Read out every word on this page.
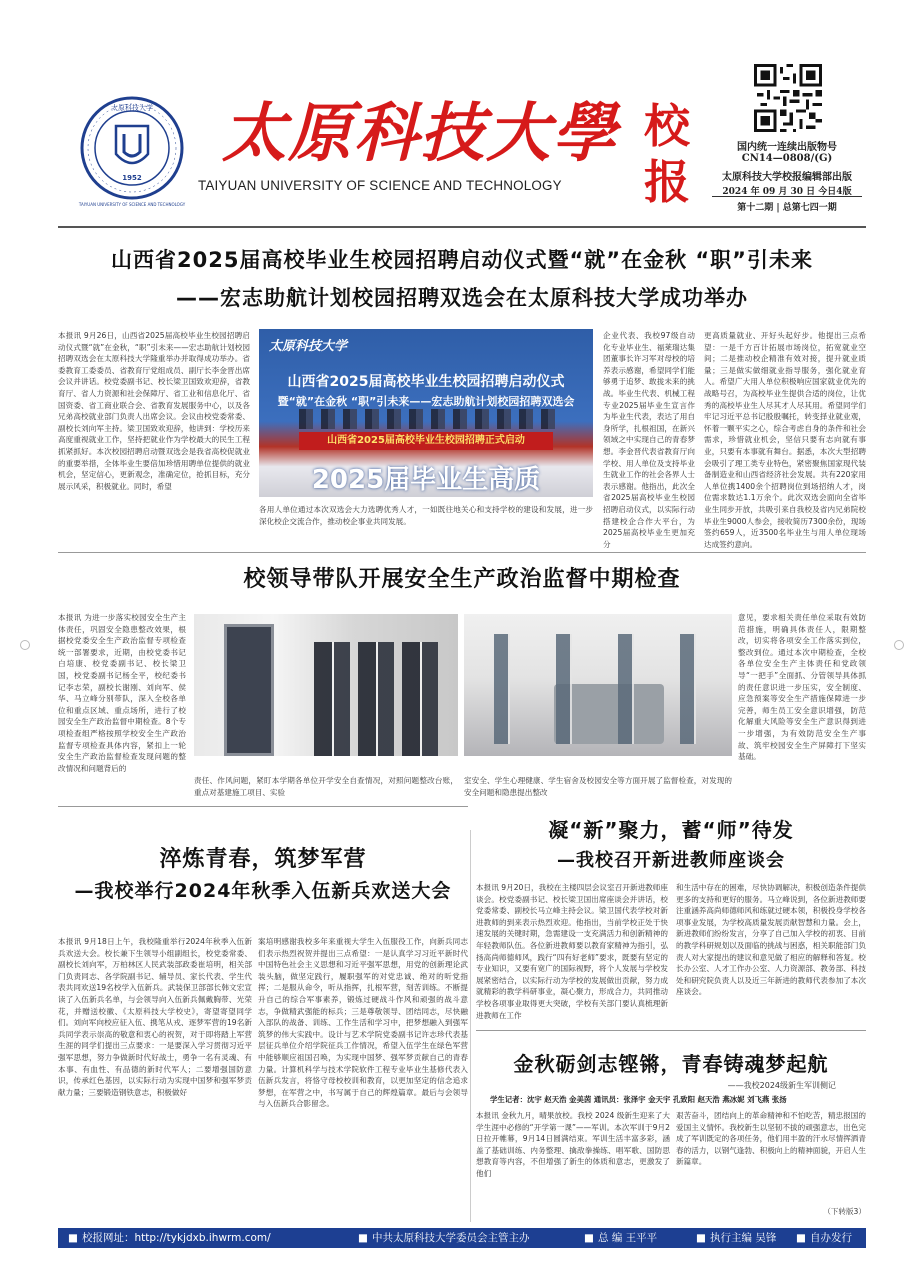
太原科技大学
1952
TAIYUAN UNIVERSITY OF SCIENCE AND TECHNOLOGY
太原科技大學
TAIYUAN UNIVERSITY OF SCIENCE AND TECHNOLOGY
校
报
国内统一连续出版物号
CN14—0808/(G)
太原科技大学校报编辑部出版
2024 年 09 月 30 日 今日4版
第十二期 | 总第七四一期
山西省2025届高校毕业生校园招聘启动仪式暨“就”在金秋 “职”引未来
——宏志助航计划校园招聘双选会在太原科技大学成功举办
本报讯 9月26日，山西省2025届高校毕业生校园招聘启动仪式暨“就”在金秋，“职”引未来——宏志助航计划校园招聘双选会在太原科技大学隆重举办并取得成功举办。省委教育工委委员、省教育厅党组成员、副厅长李金晋出席会议并讲话。校党委副书记、校长梁卫国致欢迎辞，省教育厅、省人力资源和社会保障厅、省工业和信息化厅、省国资委、省工商业联合会、省教育发展服务中心，以及各兄弟高校就业部门负责人出席会议。会议由校党委常委、副校长刘向军主持。梁卫国致欢迎辞，他讲到：学校历来高度重视就业工作，坚持把就业作为学校最大的民生工程抓紧抓好。本次校园招聘启动暨双选会是我省高校促就业的重要举措，全体毕业生要倍加珍惜用聘单位提供的就业机会，坚定信心，更新观念，准确定位，抢抓目标，充分展示风采，积极就业。同时，希望
太原科技大学
山西省2025届高校毕业生校园招聘启动仪式
暨“就”在金秋 “职”引未来——宏志助航计划校园招聘双选会
山西省2025届高校毕业生校园招聘正式启动
2025届毕业生高质
各用人单位通过本次双选会大力选聘优秀人才，一如既往地关心和支持学校的建设和发展，进一步深化校企交流合作，推动校企事业共同发展。
企业代表、我校97级自动化专业毕业生、福莱瑞达集团董事长许习军对母校的培养表示感谢，希望同学们能够勇于追梦、敢拢未来的挑战。毕业生代表、机械工程专业2025届毕业生宣言作为毕业生代表，表达了用自身所学，扎根祖国，在新兴领域之中实现自己的青春梦想。李金晋代表省教育厅向学校、用人单位及支持毕业生就业工作的社会各界人士表示感谢。他指出，此次全省2025届高校毕业生校园招聘启动仪式，以实际行动搭建校企合作大平台，为2025届高校毕业生更加充分
更高质量就业、开好头起好步。他提出三点希望：一是千方百计拓展市场岗位，拓宽就业空间；二是推动校企精准有效对接，提升就业质量；三是做实做细就业指导服务，强化就业育人。希望广大用人单位积极响应国家就业优先的战略号召，为高校毕业生提供合适的岗位，让优秀的高校毕业生人尽其才人尽其用。希望同学们牢记习近平总书记殷殷嘱托，转变择业就业观，怀着一颗平实之心，综合考虑自身的条件和社会需求，珍惜就业机会，坚信只要有志向就有事业，只要有本事就有舞台。据悉，本次大型招聘会吸引了理工类专业特色，紧密聚焦国家现代装备制造业和山西省经济社会发展。共有220家用人单位携1400余个招聘岗位到场招纳人才，岗位需求数达1.1万余个。此次双选会面向全省毕业生同步开放，共吸引来自我校及省内兄弟院校毕业生9000人参会，接收简历7300余份，现场签约659人，近3500名毕业生与用人单位现场达成签约意向。
校领导带队开展安全生产政治监督中期检查
本报讯 为进一步落实校园安全生产主体责任，巩固安全隐患整改效果，根据校党委安全生产政治监督专项检查统一部署要求，近期，由校党委书记白培康、校党委副书记、校长梁卫国，校党委副书记杨全平，校纪委书记李志荣，副校长谢刚、刘向军、侯华、马立峰分别带队，深入全校各单位和重点区域、重点场所，进行了校园安全生产政治监督中期检查。8个专项检查组严格按照学校安全生产政治监督专项检查具体内容，紧扣上一轮安全生产政治监督检查发现问题的整改情况和问题背后的
责任、作风问题，紧盯本学期各单位开学安全自查情况，对照问题整改台账，重点对基建施工项目、实验
室安全、学生心理健康、学生宿舍及校园安全等方面开展了监督检查，对发现的安全问题和隐患提出整改
意见，要求相关责任单位采取有效防范措施，明确具体责任人，限期整改，切实将各项安全工作落实到位，整改到位。通过本次中期检查，全校各单位安全生产主体责任和党政领导“一把手”全面抓、分管领导具体抓的责任意识进一步压实，安全制度、应急预案等安全生产措施保障进一步完善，师生员工安全意识增强，防范化解重大风险等安全生产意识得到进一步增强，为有效防范安全生产事故、筑牢校园安全生产屏障打下坚实基础。
淬炼青春，筑梦军营
—我校举行2024年秋季入伍新兵欢送大会
本报讯 9月18日上午，我校隆重举行2024年秋季入伍新兵欢送大会。校长兼下生领导小组副组长，校党委常委、副校长刘向军，万柏林区人民武装部政委崔培明，相关部门负责同志、各学院副书记、辅导员、家长代表、学生代表共同欢送19名校学入伍新兵。武装保卫部部长韩文宏宣读了入伍新兵名单，与会领导向入伍新兵佩戴胸带、光荣花，并赠送校徽、《太原科技大学校史》，寄望寄望同学们。刘向军向校应征入伍、携笔从戎、逐梦军营的19名新兵同学表示崇高的敬意和衷心的祝贺，对于即将踏上军营生涯的同学们提出三点要求：一是要深入学习贯彻习近平强军思想，努力争做新时代好战士，勇争一名有灵魂、有本事、有血性、有品德的新时代军人；二要增强国防意识，传承红色基因，以实际行动为实现中国梦和强军梦贡献力量；三要锻造钢铁意志，积极做好
案培明感谢我校多年来重视大学生入伍服役工作，向新兵同志们表示热烈祝贺并提出三点希望：一是认真学习习近平新时代中国特色社会主义思想和习近平强军思想，用党的创新理论武装头脑，做坚定践行，履职强军的对党忠诚、绝对的听党指挥；二是服从命令，听从指挥，扎根军营，刻苦训练。不断提升自己的综合军事素养，锻炼过硬战斗作风和顽强的战斗意志，争做精武强能的标兵；三是尊敬领导、团结同志，尽快融入部队的战备、训练、工作生活和学习中，把梦想融入到强军筑梦的伟大实践中。设计与艺术学院党委副书记许志珍代表基层征兵单位介绍学院征兵工作情况，希望入伍学生在绿色军营中能够顺应祖国召唤，为实现中国梦、强军梦贡献自己的青春力量。计算机科学与技术学院软件工程专业毕业生基修代表入伍新兵发言，将恪守母校校训和教育，以更加坚定的信念追求梦想，在军营之中，书写属于自己的辉煌篇章。最后与会领导与入伍新兵合影留念。
凝“新”聚力，蓄“师”待发
—我校召开新进教师座谈会
本报讯 9月20日，我校在主楼四层会议室召开新进教师座谈会。校党委副书记、校长梁卫国出席座谈会并讲话，校党委常委、副校长马立峰主持会议。梁卫国代表学校对新进教师的到来表示热烈欢迎。他指出，当前学校正处于快速发展的关键时期，急需建设一支充满活力和创新精神的年轻教师队伍。各位新进教师要以教育家精神为指引，弘扬高尚师德师风，践行“四有好老师”要求，既要有坚定的专业知识，又要有宽广的国际视野，将个人发展与学校发展紧密结合，以实际行动为学校的发展做出贡献，努力成就精彩的教学科研事业，凝心聚力，形成合力，共同推动学校各项事业取得更大突破，学校有关部门要认真梳理新进教师在工作
和生活中存在的困难，尽快协调解决，积极创造条件提供更多的支持和更好的服务。马立峰说到，各位新进教师要注重涵养高尚师德师风和练就过硬本领，积极投身学校各项事业发展，为学校高质量发展贡献智慧和力量。会上，新进教师们纷纷发言，分享了自己加入学校的初衷、目前的教学科研规划以及面临的挑战与困惑，相关职能部门负责人对大家提出的建议和意见做了相应的解释和答复。校长办公室、人才工作办公室、人力资源部、教务部、科技处和研究院负责人以及近三年新进的教师代表参加了本次座谈会。
金秋砺剑志铿锵，青春铸魂梦起航
——我校2024级新生军训侧记
学生记者：沈宇 赵天浩 金美茵 通讯员：张泽宇 金天宇 孔致阳 赵天浩 燕冰妮 刘飞燕 张扬
本报讯 金秋九月，晴果放校。我校 2024 级新生迎来了大学生涯中必修的“开学第一课”——军训。本次军训于9月2日拉开帷幕，9月14日圆满结束。军训生活丰富多彩，涵盖了基础训练、内务整理、擒敌拳操练、唱军歌、国防思想教育等内容，不但增强了新生的体质和意志，更激发了他们
艰苦奋斗，团结向上的革命精神和不怕吃苦，精忠报国的爱国主义情怀。我校新生以坚韧不拔的顽强意志，出色完成了军训既定的各项任务，他们用丰盈的汗水尽情挥洒青春的活力，以钢气逢勃、积极向上的精神面貌，开启人生新篇章。
（下转版3）
■ 校报网址：http://tykjdxb.ihwrm.com/	■ 中共太原科技大学委员会主管主办	■ 总 编 王平平	■ 执行主编 吴锋 ■ 自办发行
